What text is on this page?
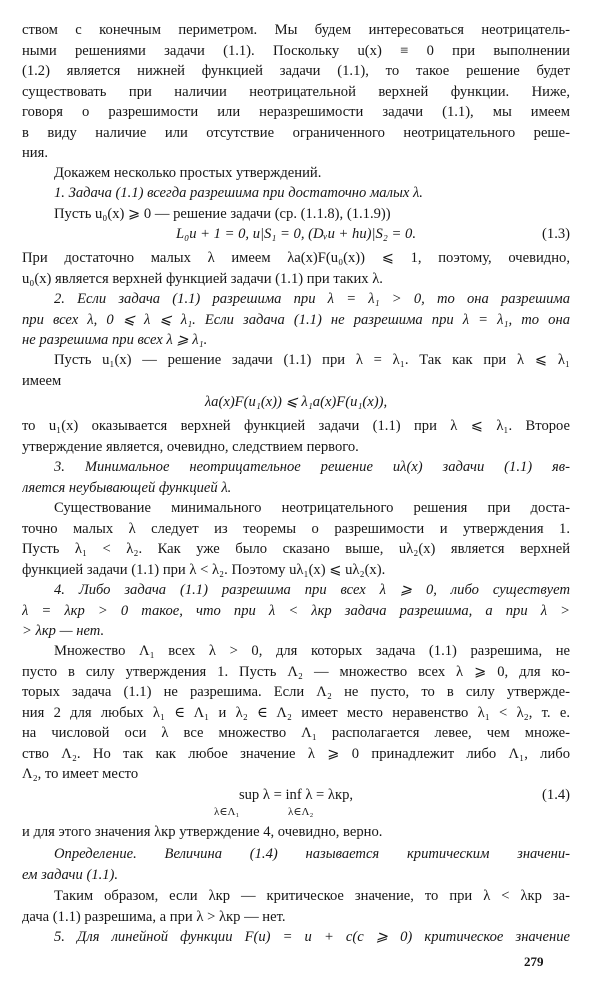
ством с конечным периметром. Мы будем интересоваться неотрицатель-
ными решениями задачи (1.1). Поскольку u(x) ≡ 0 при выполнении
(1.2) является нижней функцией задачи (1.1), то такое решение будет
существовать при наличии неотрицательной верхней функции. Ниже,
говоря о разрешимости или неразрешимости задачи (1.1), мы имеем
в виду наличие или отсутствие ограниченного неотрицательного реше-
ния.
Докажем несколько простых утверждений.
1. Задача (1.1) всегда разрешима при достаточно малых λ.
Пусть u₀(x) ⩾ 0 — решение задачи (ср. (1.1.8), (1.1.9))
L₀u + 1 = 0, u|S₁ = 0, (Dᵥu + hu)|S₂ = 0.	(1.3)
При достаточно малых λ имеем λa(x)F(u₀(x)) ⩽ 1, поэтому, очевидно,
u₀(x) является верхней функцией задачи (1.1) при таких λ.
2. Если задача (1.1) разрешима при λ = λ₁ > 0, то она разрешима
при всех λ, 0 ⩽ λ ⩽ λ₁. Если задача (1.1) не разрешима при λ = λ₁, то она
не разрешима при всех λ ⩾ λ₁.
Пусть u₁(x) — решение задачи (1.1) при λ = λ₁. Так как при λ ⩽ λ₁
имеем
λa(x)F(u₁(x)) ⩽ λ₁a(x)F(u₁(x)),
то u₁(x) оказывается верхней функцией задачи (1.1) при λ ⩽ λ₁. Второе
утверждение является, очевидно, следствием первого.
3. Минимальное неотрицательное решение uλ(x) задачи (1.1) яв-
ляется неубывающей функцией λ.
Существование минимального неотрицательного решения при доста-
точно малых λ следует из теоремы о разрешимости и утверждения 1.
Пусть λ₁ < λ₂. Как уже было сказано выше, uλ₂(x) является верхней
функцией задачи (1.1) при λ < λ₂. Поэтому uλ₁(x) ⩽ uλ₂(x).
4. Либо задача (1.1) разрешима при всех λ ⩾ 0, либо существует
λ = λкр > 0 такое, что при λ < λкр задача разрешима, а при λ >
> λкр — нет.
Множество Λ₁ всех λ > 0, для которых задача (1.1) разрешима, не
пусто в силу утверждения 1. Пусть Λ₂ — множество всех λ ⩾ 0, для ко-
торых задача (1.1) не разрешима. Если Λ₂ не пусто, то в силу утвержде-
ния 2 для любых λ₁ ∈ Λ₁ и λ₂ ∈ Λ₂ имеет место неравенство λ₁ < λ₂, т. е.
на числовой оси λ все множество Λ₁ располагается левее, чем множе-
ство Λ₂. Но так как любое значение λ ⩾ 0 принадлежит либо Λ₁, либо
Λ₂, то имеет место
sup λ = inf λ = λкр,	(1.4)
λ∈Λ₁	λ∈Λ₂
и для этого значения λкр утверждение 4, очевидно, верно.
Определение. Величина (1.4) называется критическим значени-
ем задачи (1.1).
Таким образом, если λкр — критическое значение, то при λ < λкр за-
дача (1.1) разрешима, а при λ > λкр — нет.
5. Для линейной функции F(u) = u + c(c ⩾ 0) критическое значение
279
